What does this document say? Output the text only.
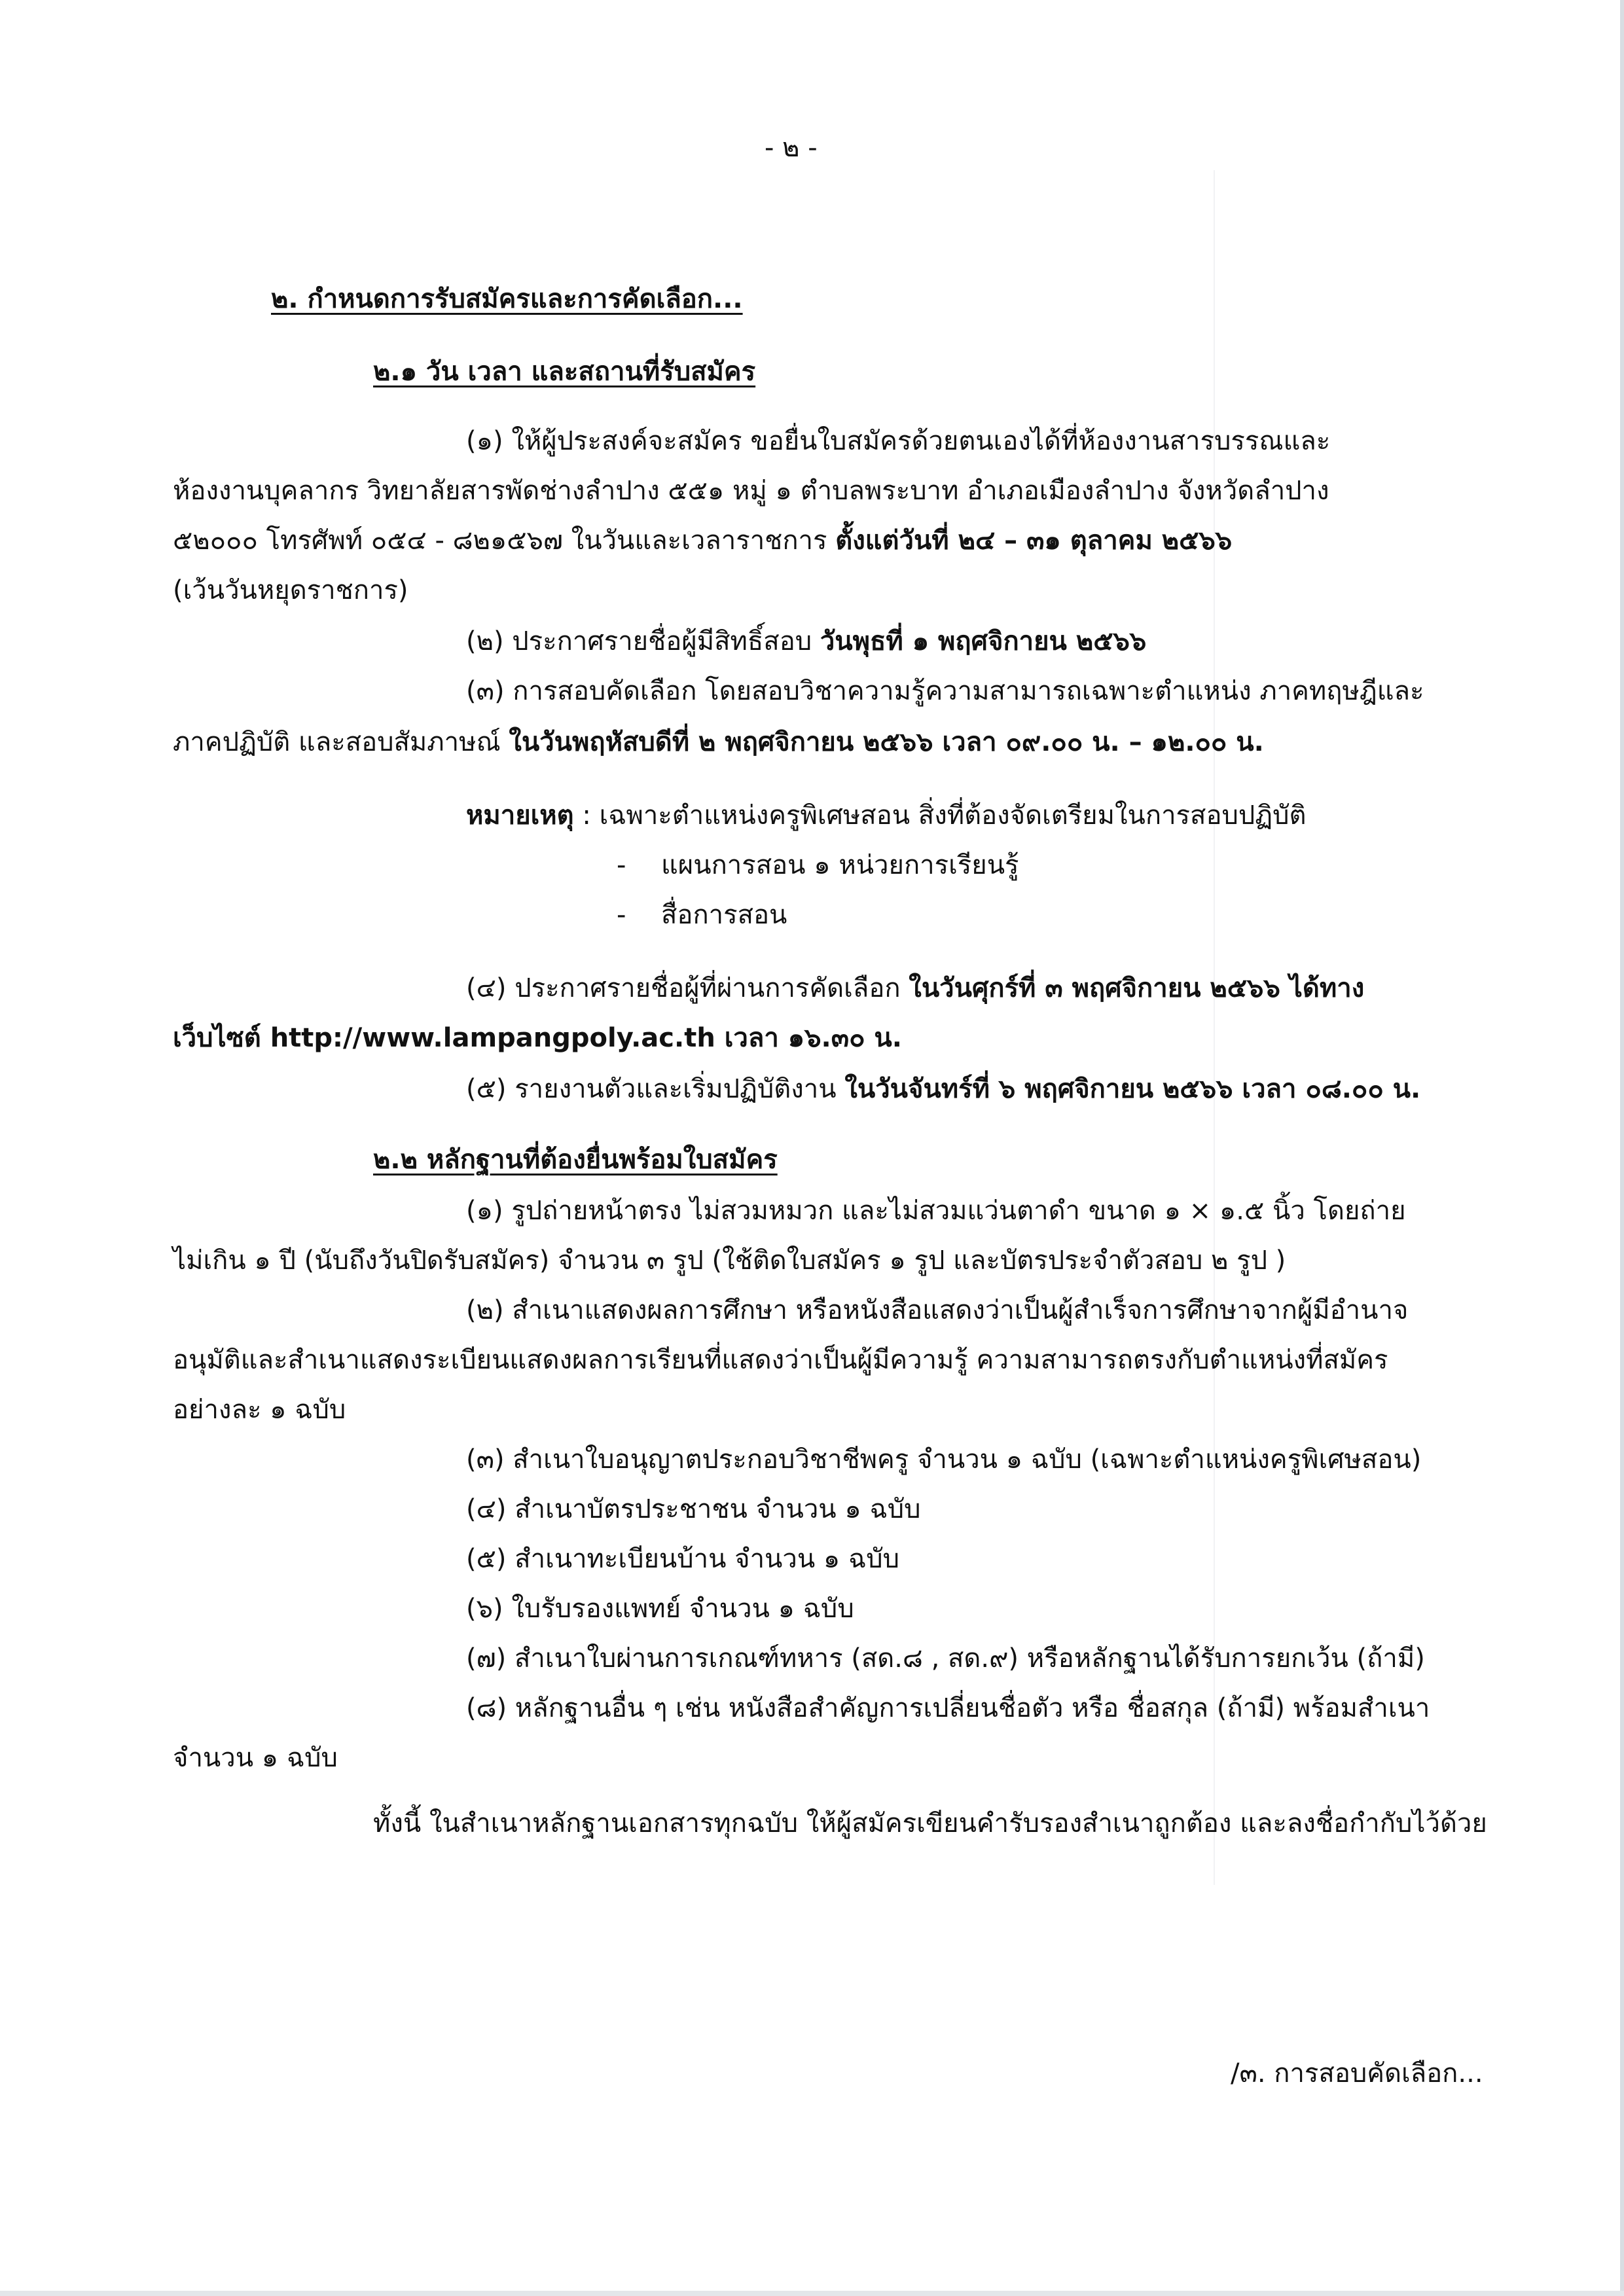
- ๒ -
๒. กำหนดการรับสมัครและการคัดเลือก...
๒.๑ วัน เวลา และสถานที่รับสมัคร
(๑) ให้ผู้ประสงค์จะสมัคร ขอยื่นใบสมัครด้วยตนเองได้ที่ห้องงานสารบรรณและ
ห้องงานบุคลากร วิทยาลัยสารพัดช่างลำปาง ๕๕๑ หมู่ ๑ ตำบลพระบาท อำเภอเมืองลำปาง จังหวัดลำปาง
๕๒๐๐๐ โทรศัพท์ ๐๕๔ - ๘๒๑๕๖๗ ในวันและเวลาราชการ ตั้งแต่วันที่ ๒๔ – ๓๑ ตุลาคม ๒๕๖๖
(เว้นวันหยุดราชการ)
(๒) ประกาศรายชื่อผู้มีสิทธิ์สอบ วันพุธที่ ๑ พฤศจิกายน ๒๕๖๖
(๓) การสอบคัดเลือก โดยสอบวิชาความรู้ความสามารถเฉพาะตำแหน่ง ภาคทฤษฎีและ
ภาคปฏิบัติ และสอบสัมภาษณ์ ในวันพฤหัสบดีที่ ๒ พฤศจิกายน ๒๕๖๖ เวลา ๐๙.๐๐ น. – ๑๒.๐๐ น.
หมายเหตุ : เฉพาะตำแหน่งครูพิเศษสอน สิ่งที่ต้องจัดเตรียมในการสอบปฏิบัติ
- แผนการสอน ๑ หน่วยการเรียนรู้
- สื่อการสอน
(๔) ประกาศรายชื่อผู้ที่ผ่านการคัดเลือก ในวันศุกร์ที่ ๓ พฤศจิกายน ๒๕๖๖ ได้ทาง
เว็บไซต์ http://www.lampangpoly.ac.th เวลา ๑๖.๓๐ น.
(๕) รายงานตัวและเริ่มปฏิบัติงาน ในวันจันทร์ที่ ๖ พฤศจิกายน ๒๕๖๖ เวลา ๐๘.๐๐ น.
๒.๒ หลักฐานที่ต้องยื่นพร้อมใบสมัคร
(๑) รูปถ่ายหน้าตรง ไม่สวมหมวก และไม่สวมแว่นตาดำ ขนาด ๑ × ๑.๕ นิ้ว โดยถ่าย
ไม่เกิน ๑ ปี (นับถึงวันปิดรับสมัคร) จำนวน ๓ รูป (ใช้ติดใบสมัคร ๑ รูป และบัตรประจำตัวสอบ ๒ รูป )
(๒) สำเนาแสดงผลการศึกษา หรือหนังสือแสดงว่าเป็นผู้สำเร็จการศึกษาจากผู้มีอำนาจ
อนุมัติและสำเนาแสดงระเบียนแสดงผลการเรียนที่แสดงว่าเป็นผู้มีความรู้ ความสามารถตรงกับตำแหน่งที่สมัคร
อย่างละ ๑ ฉบับ
(๓) สำเนาใบอนุญาตประกอบวิชาชีพครู จำนวน ๑ ฉบับ (เฉพาะตำแหน่งครูพิเศษสอน)
(๔) สำเนาบัตรประชาชน จำนวน ๑ ฉบับ
(๕) สำเนาทะเบียนบ้าน จำนวน ๑ ฉบับ
(๖) ใบรับรองแพทย์ จำนวน ๑ ฉบับ
(๗) สำเนาใบผ่านการเกณฑ์ทหาร (สด.๘ , สด.๙) หรือหลักฐานได้รับการยกเว้น (ถ้ามี)
(๘) หลักฐานอื่น ๆ เช่น หนังสือสำคัญการเปลี่ยนชื่อตัว หรือ ชื่อสกุล (ถ้ามี) พร้อมสำเนา
จำนวน ๑ ฉบับ
ทั้งนี้ ในสำเนาหลักฐานเอกสารทุกฉบับ ให้ผู้สมัครเขียนคำรับรองสำเนาถูกต้อง และลงชื่อกำกับไว้ด้วย
/๓. การสอบคัดเลือก...
